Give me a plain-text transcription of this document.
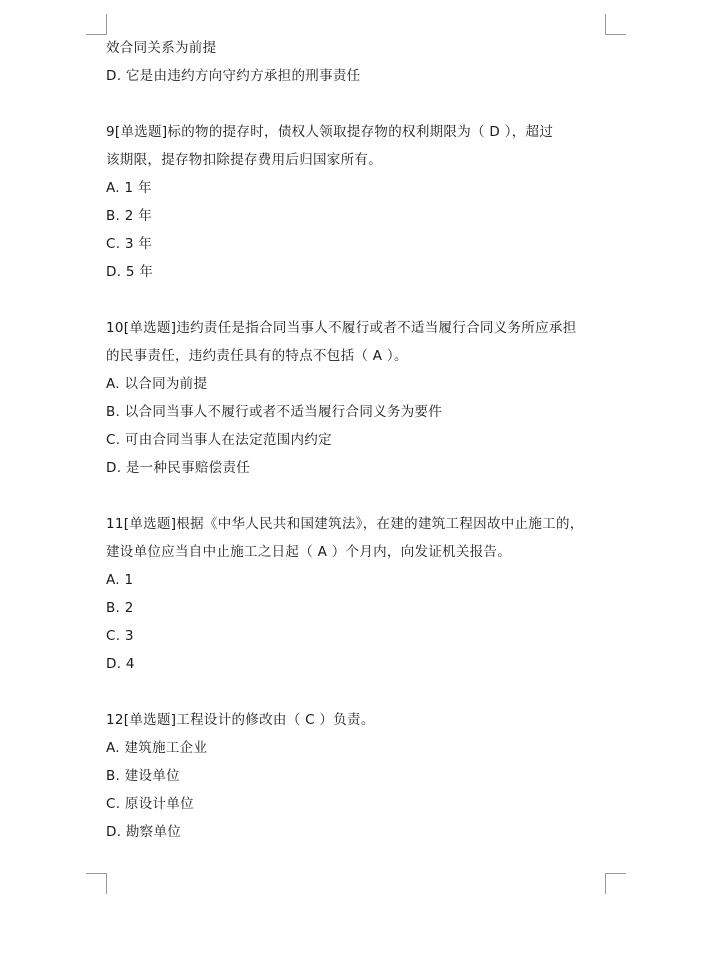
效合同关系为前提
D. 它是由违约方向守约方承担的刑事责任
9[单选题]标的物的提存时，债权人领取提存物的权利期限为（ D ），超过
该期限，提存物扣除提存费用后归国家所有。
A. 1 年
B. 2 年
C. 3 年
D. 5 年
10[单选题]违约责任是指合同当事人不履行或者不适当履行合同义务所应承担
的民事责任，违约责任具有的特点不包括（ A ）。
A. 以合同为前提
B. 以合同当事人不履行或者不适当履行合同义务为要件
C. 可由合同当事人在法定范围内约定
D. 是一种民事赔偿责任
11[单选题]根据《中华人民共和国建筑法》，在建的建筑工程因故中止施工的，
建设单位应当自中止施工之日起（ A ）个月内，向发证机关报告。
A. 1
B. 2
C. 3
D. 4
12[单选题]工程设计的修改由（ C ）负责。
A. 建筑施工企业
B. 建设单位
C. 原设计单位
D. 勘察单位
